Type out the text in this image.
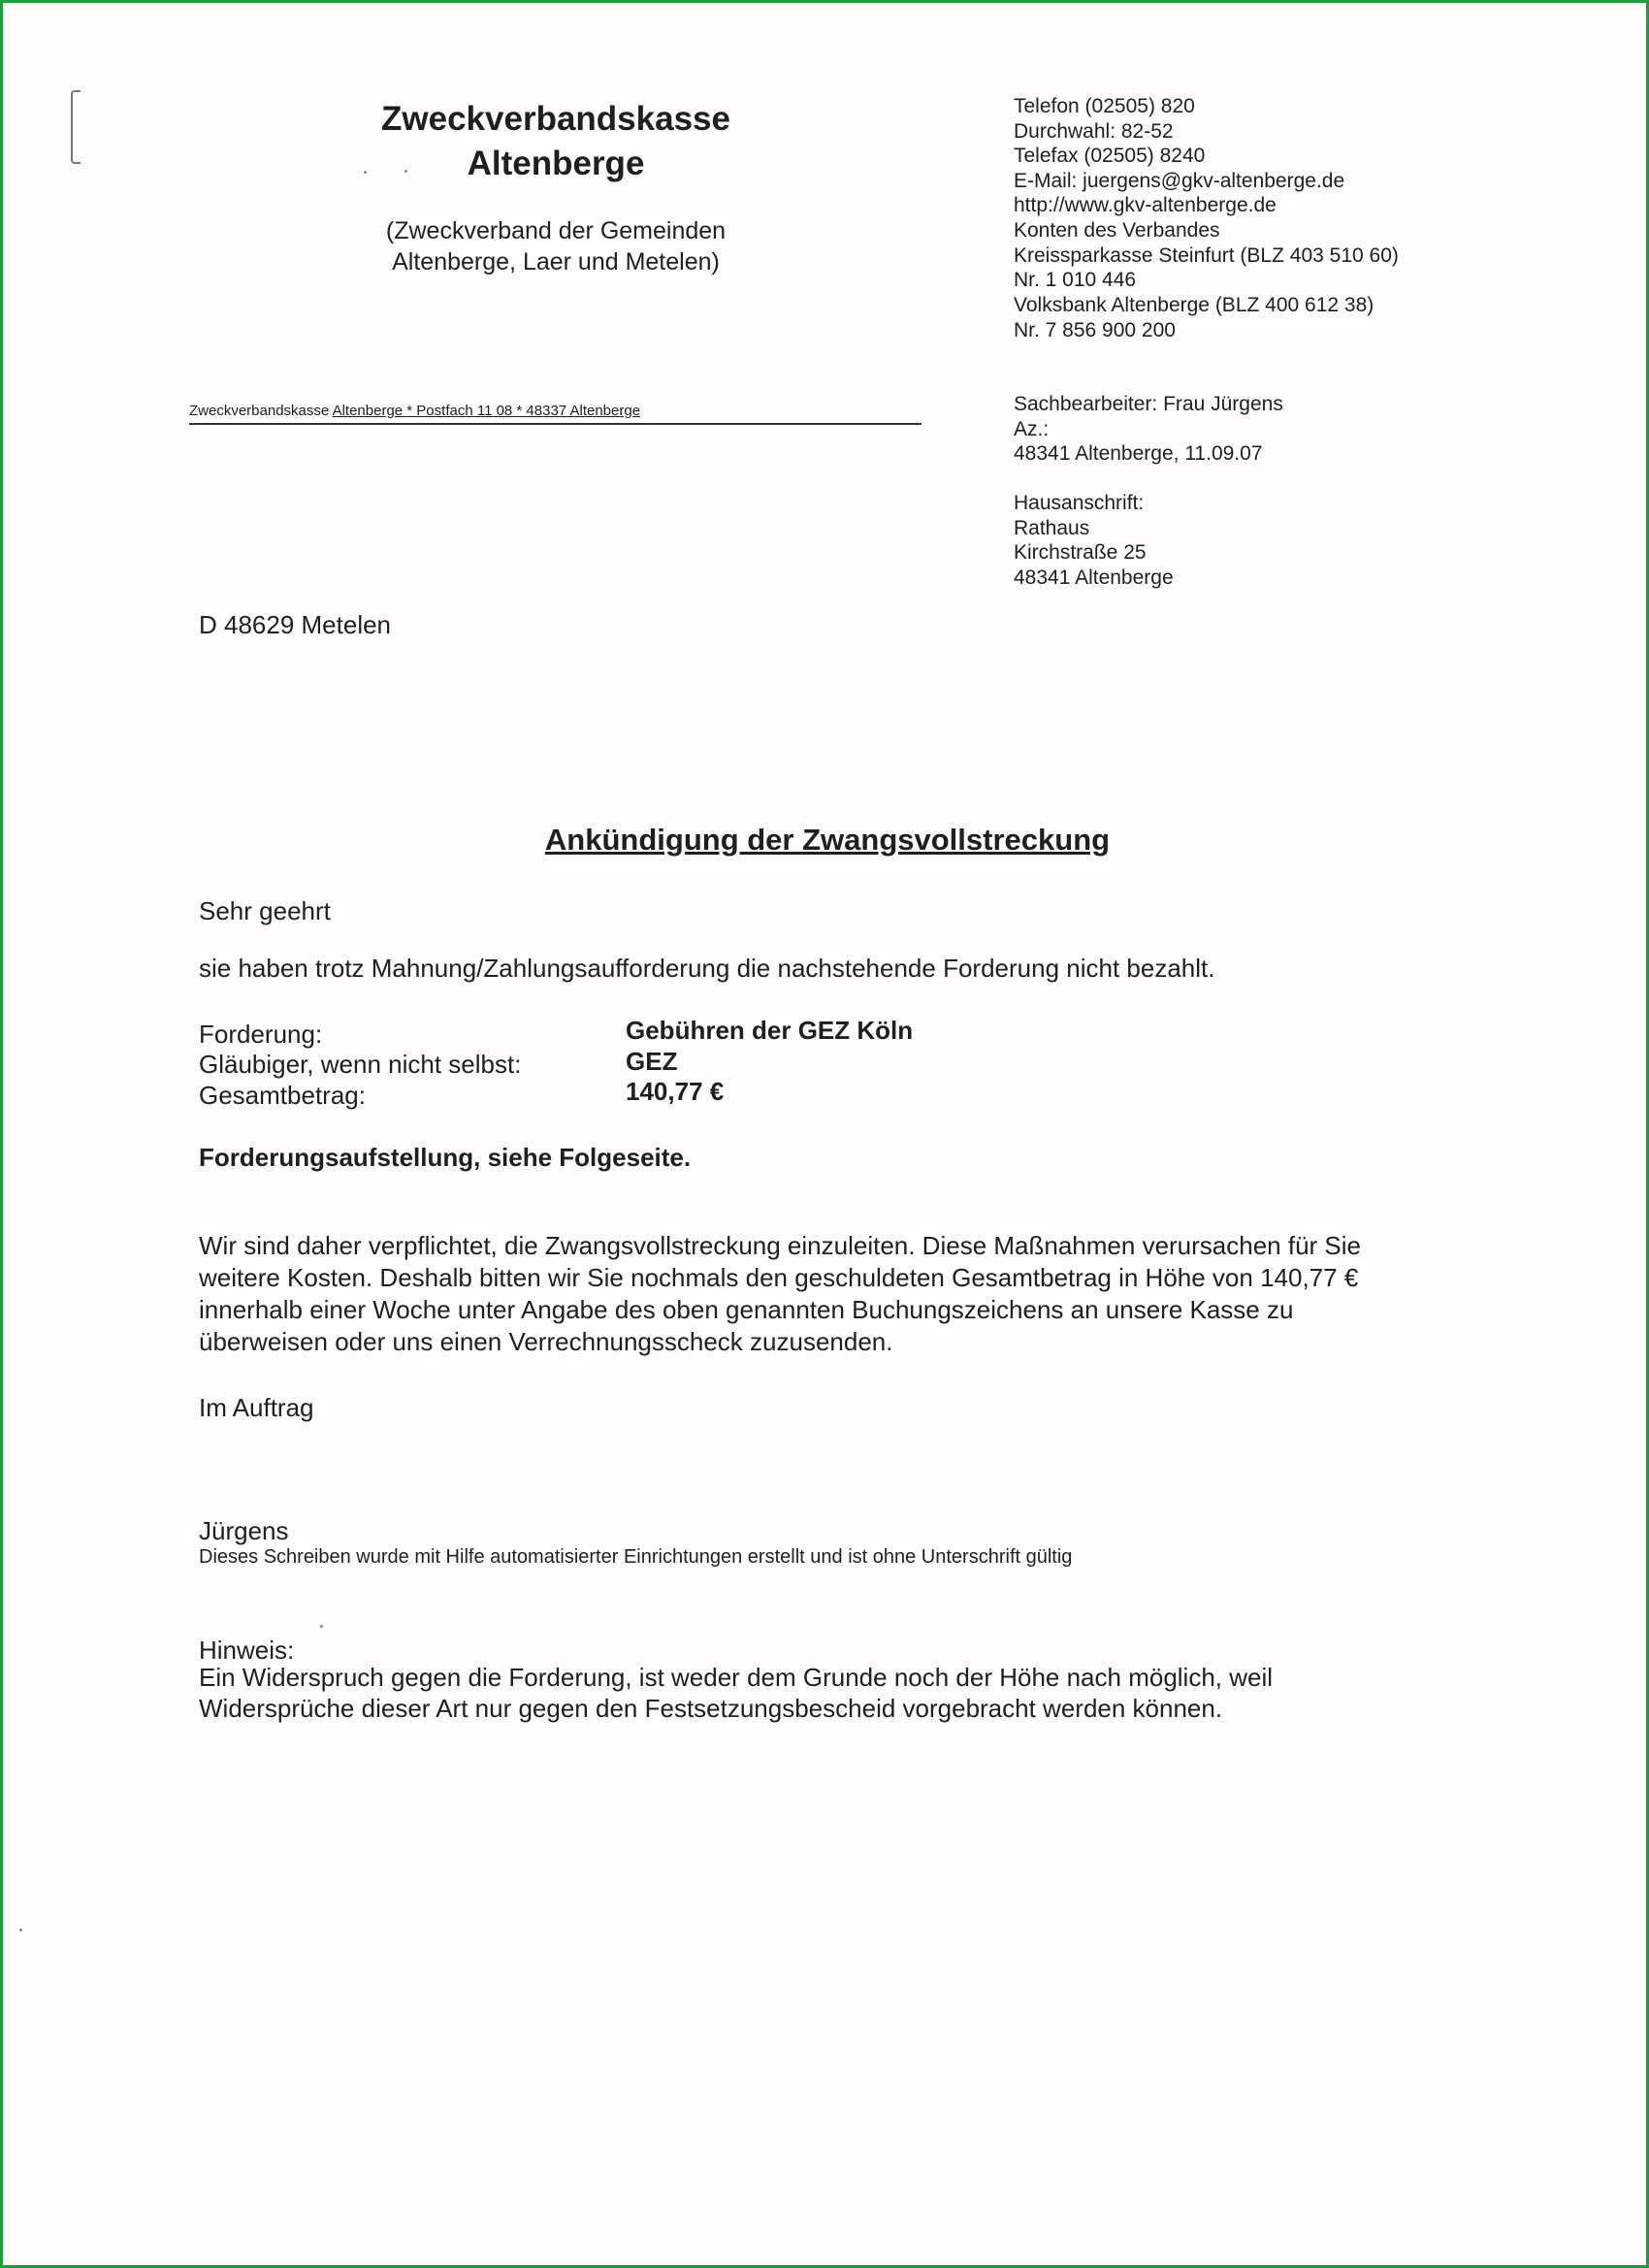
Zweckverbandskasse
Altenberge
(Zweckverband der Gemeinden
Altenberge, Laer und Metelen)
Telefon (02505) 820
Durchwahl: 82-52
Telefax (02505) 8240
E-Mail: juergens@gkv-altenberge.de
http://www.gkv-altenberge.de
Konten des Verbandes
Kreissparkasse Steinfurt (BLZ 403 510 60)
Nr. 1 010 446
Volksbank Altenberge (BLZ 400 612 38)
Nr. 7 856 900 200
Zweckverbandskasse Altenberge * Postfach 11 08 * 48337 Altenberge	Sachbearbeiter: Frau Jürgens
Az.:
48341 Altenberge, 11.09.07
Hausanschrift:
Rathaus
Kirchstraße 25
48341 Altenberge
D 48629 Metelen
Ankündigung der Zwangsvollstreckung
Sehr geehrt
sie haben trotz Mahnung/Zahlungsaufforderung die nachstehende Forderung nicht bezahlt.
Forderung:	Gebühren der GEZ Köln
Gläubiger, wenn nicht selbst:	GEZ
Gesamtbetrag:	140,77 €
Forderungsaufstellung, siehe Folgeseite.
Wir sind daher verpflichtet, die Zwangsvollstreckung einzuleiten. Diese Maßnahmen verursachen für Sie
weitere Kosten. Deshalb bitten wir Sie nochmals den geschuldeten Gesamtbetrag in Höhe von 140,77 €
innerhalb einer Woche unter Angabe des oben genannten Buchungszeichens an unsere Kasse zu
überweisen oder uns einen Verrechnungsscheck zuzusenden.
Im Auftrag
Jürgens
Dieses Schreiben wurde mit Hilfe automatisierter Einrichtungen erstellt und ist ohne Unterschrift gültig
Hinweis:
Ein Widerspruch gegen die Forderung, ist weder dem Grunde noch der Höhe nach möglich, weil
Widersprüche dieser Art nur gegen den Festsetzungsbescheid vorgebracht werden können.
